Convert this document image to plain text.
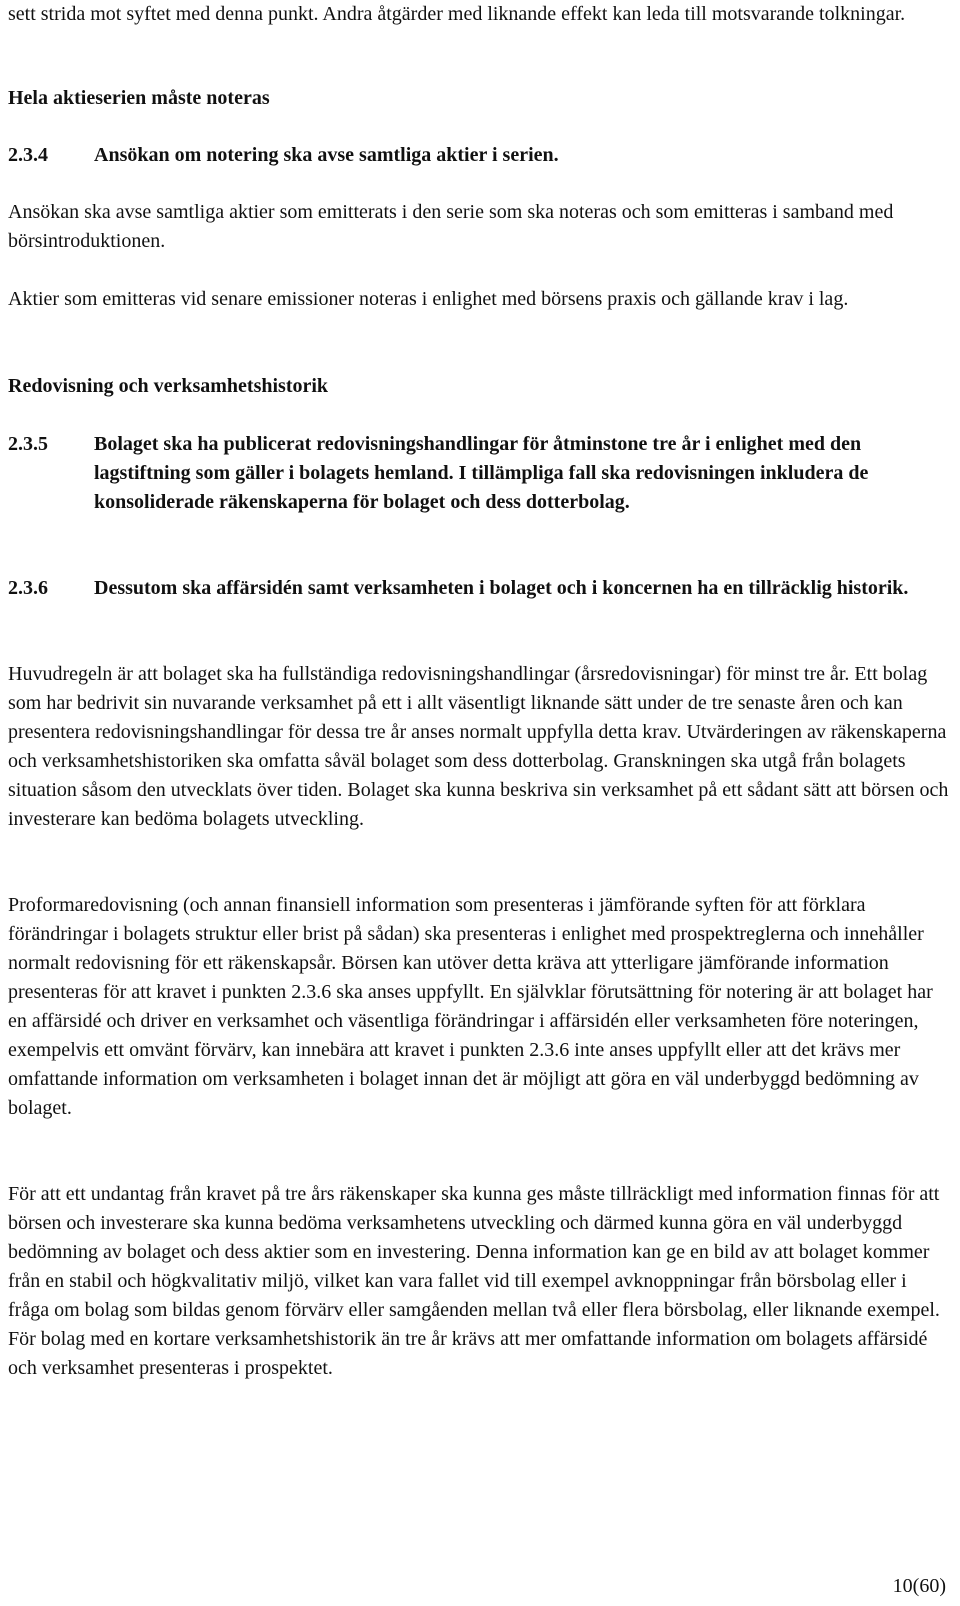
sett strida mot syftet med denna punkt. Andra åtgärder med liknande effekt kan leda till motsvarande tolkningar.

Hela aktieserien måste noteras

2.3.4	Ansökan om notering ska avse samtliga aktier i serien.

Ansökan ska avse samtliga aktier som emitterats i den serie som ska noteras och som emitteras i samband med börsintroduktionen.

Aktier som emitteras vid senare emissioner noteras i enlighet med börsens praxis och gällande krav i lag.

Redovisning och verksamhetshistorik

2.3.5	Bolaget ska ha publicerat redovisningshandlingar för åtminstone tre år i enlighet med den lagstiftning som gäller i bolagets hemland. I tillämpliga fall ska redovisningen inkludera de konsoliderade räkenskaperna för bolaget och dess dotterbolag.
2.3.6	Dessutom ska affärsidén samt verksamheten i bolaget och i koncernen ha en tillräcklig historik.

Huvudregeln är att bolaget ska ha fullständiga redovisningshandlingar (årsredovisningar) för minst tre år. Ett bolag som har bedrivit sin nuvarande verksamhet på ett i allt väsentligt liknande sätt under de tre senaste åren och kan presentera redovisningshandlingar för dessa tre år anses normalt uppfylla detta krav. Utvärderingen av räkenskaperna och verksamhetshistoriken ska omfatta såväl bolaget som dess dotterbolag. Granskningen ska utgå från bolagets situation såsom den utvecklats över tiden. Bolaget ska kunna beskriva sin verksamhet på ett sådant sätt att börsen och investerare kan bedöma bolagets utveckling.

Proformaredovisning (och annan finansiell information som presenteras i jämförande syften för att förklara förändringar i bolagets struktur eller brist på sådan) ska presenteras i enlighet med prospektreglerna och innehåller normalt redovisning för ett räkenskapsår. Börsen kan utöver detta kräva att ytterligare jämförande information presenteras för att kravet i punkten 2.3.6 ska anses uppfyllt. En självklar förutsättning för notering är att bolaget har en affärsidé och driver en verksamhet och väsentliga förändringar i affärsidén eller verksamheten före noteringen, exempelvis ett omvänt förvärv, kan innebära att kravet i punkten 2.3.6 inte anses uppfyllt eller att det krävs mer omfattande information om verksamheten i bolaget innan det är möjligt att göra en väl underbyggd bedömning av bolaget.

För att ett undantag från kravet på tre års räkenskaper ska kunna ges måste tillräckligt med information finnas för att börsen och investerare ska kunna bedöma verksamhetens utveckling och därmed kunna göra en väl underbyggd bedömning av bolaget och dess aktier som en investering. Denna information kan ge en bild av att bolaget kommer från en stabil och högkvalitativ miljö, vilket kan vara fallet vid till exempel avknoppningar från börsbolag eller i fråga om bolag som bildas genom förvärv eller samgåenden mellan två eller flera börsbolag, eller liknande exempel. För bolag med en kortare verksamhetshistorik än tre år krävs att mer omfattande information om bolagets affärsidé och verksamhet presenteras i prospektet.

10(60)
